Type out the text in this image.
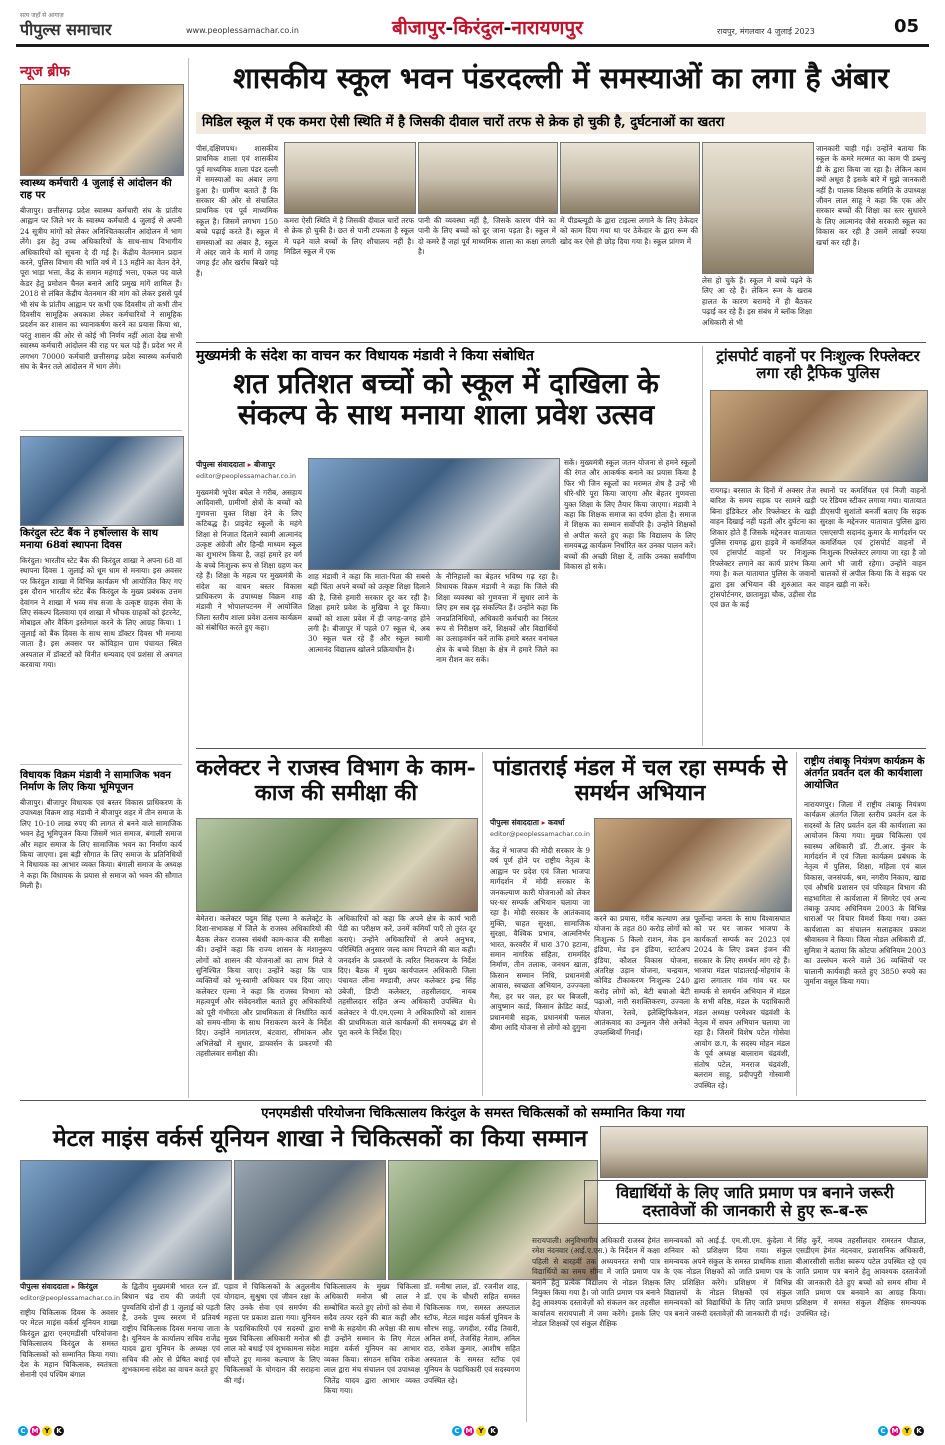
सत्य जहाँ से आगाज़
पीपुल्स समाचार	www.peoplessamachar.co.in	बीजापुर-किरंदुल-नारायणपुर	रायपुर, मंगलवार 4 जुलाई 2023	05
न्यूज ब्रीफ
स्वास्थ्य कर्मचारी 4 जुलाई से आंदोलन की राह पर
बीजापुर। छत्तीसगढ़ प्रदेश स्वास्थ्य कर्मचारी संघ के प्रांतीय आह्वान पर जिले भर के स्वास्थ्य कर्मचारी 4 जुलाई से अपनी 24 सूत्रीय मांगों को लेकर अनिश्चितकालीन आंदोलन में भाग लेंगे। इस हेतु उच्च अधिकारियों के साथ-साथ विभागीय अधिकारियों को सूचना दे दी गई है। केंद्रीय वेतनमान प्रदान करने, पुलिस विभाग की भांति वर्ष में 13 महीने का वेतन देने, पूरा भाड़ा भत्ता, केंद्र के समान महंगाई भत्ता, एकल पद वाले केडर हेतु प्रमोशन चैनल बनाने आदि प्रमुख मांगें शामिल हैं। 2018 से लंबित केंद्रीय वेतनमान की मांग को लेकर इससे पूर्व भी संघ के प्रांतीय आह्वान पर कभी एक दिवसीय तो कभी तीन दिवसीय सामूहिक अवकाश लेकर कर्मचारियों ने सामूहिक प्रदर्शन कर शासन का ध्यानाकर्षण करने का प्रयास किया था, परंतु शासन की ओर से कोई भी निर्णय नहीं आता देख सभी स्वास्थ्य कर्मचारी आंदोलन की राह पर चल पड़े हैं। प्रदेश भर में लगभग 70000 कर्मचारी छत्तीसगढ़ प्रदेश स्वास्थ्य कर्मचारी संघ के बैनर तले आंदोलन में भाग लेंगे।
किरंदुल स्टेट बैंक ने हर्षोल्लास के साथ मनाया 68वां स्थापना दिवस
किरंदुल। भारतीय स्टेट बैंक की किरंदुल शाखा ने अपना 68 वां स्थापना दिवस 1 जुलाई को धूम धाम से मनाया। इस अवसर पर किरंदुल शाखा में विभिन्न कार्यक्रम भी आयोजित किए गए इस दौरान भारतीय स्टेट बैंक किरंदुल के मुख्य प्रबंधक उत्तम देवांगन ने शाखा में भव्य मंच सजा के उत्कृष्ट ग्राहक सेवा के लिए संकल्प दिलवाया एवं शाखा में भौचक ग्राहकों को इंटरनेट, मोबाइल और वैकिंग इस्तेमाल करने के लिए आग्रह किया। 1 जुलाई को बैंक दिवस के साथ साथ डॉक्टर दिवस भी मनाया जाता है। इस अवसर पर कोविड़ान ग्राम पंचायत स्थित अस्पताल में डॉक्टरों को विनीत धन्यवाद एवं प्रशंसा से अवगत करवाया गया।
विधायक विक्रम मंडावी ने सामाजिक भवन निर्माण के लिए किया भूमिपूजन
बीजापुर। बीजापुर विधायक एवं बस्तर विकास प्राधिकरण के उपाध्यक्ष विक्रम शाह मंडावी ने बीजापुर शहर में तीन समाज के लिए 10-10 लाख रुपए की लागत से बनने वाले सामाजिक भवन हेतु भूमिपूजन किया जिसमें भात समाज, बंगाली समाज और महार समाज के लिए सामाजिक भवन का निर्माण कार्य किया जाएगा। इस बड़ी सौगात के लिए समाज के प्रतिनिधियों ने विधायक का आभार व्यक्त किया। बंगाली समाज के अध्यक्ष ने कहा कि विधायक के प्रयास से समाज को भवन की सौगात मिली है।
शासकीय स्कूल भवन पंडरदल्ली में समस्याओं का लगा है अंबार
मिडिल स्कूल में एक कमरा ऐसी स्थिति में है जिसकी दीवाल चारों तरफ से क्रेक हो चुकी है, दुर्घटनाओं का खतरा
पीसं,दक्षिणपथ। शासकीय प्राथमिक शाला एवं शासकीय पूर्व माध्यमिक शाला पंडर दल्ली में समस्याओं का अंबार लगा हुआ है। ग्रामीण बताते हैं कि सरकार की ओर से संचालित प्राथमिक एवं पूर्व माध्यमिक स्कूल है। जिसमें लगभग 150 बच्चे पढ़ाई करते हैं। स्कूल में समस्याओं का अंबार है, स्कूल में अंदर जाने के मार्ग में जगह जगह ईंट और खर्राच बिखरे पड़े हैं।
कमरा ऐसी स्थिति में है जिसकी दीवाल चारों तरफ से क्रेक हो चुकी है। छत से पानी टपकता है स्कूल में पढ़ने वाले बच्चों के लिए शौचालय नहीं है। मिडिल स्कूल में एक
पानी की व्यवस्था नहीं है, जिसके कारण पीने का पानी के लिए बच्चों को दूर जाना पड़ता है। स्कूल में दो कमरे हैं जहां पूर्व माध्यमिक शाला का कक्षा लगती है।
में पीडब्ल्यूडी के द्वारा टाइल्स लगाने के लिए ठेकेदार को काम दिया गया था पर ठेकेदार के द्वारा रूम की खोद कर ऐसे ही छोड़ दिया गया है। स्कूल प्रांगण में
लेस हो चुके हैं। स्कूल में बच्चे पढ़ने के लिए आ रहे हैं। लेकिन रूम के खराब हालत के कारण बरामदे में ही बैठकर पढ़ाई कर रहे हैं। इस संबंध में ब्लॉक शिक्षा अधिकारी से भी
जानकारी चाही गई। उन्होंने बताया कि स्कूल के कमरे मरम्मत का काम पी डब्ल्यू डी के द्वारा किया जा रहा है। लेकिन काम क्यों अधूरा है इसके बारे में मुझे जानकारी नहीं है। पालक शिक्षक समिति के उपाध्यक्ष जीवन लाल साहू ने कहा कि एक ओर सरकार बच्चों की शिक्षा का स्तर सुधारने के लिए आत्मानंद जैसे सरकारी स्कूल का विकास कर रही है उसमें लाखों रुपया खर्चा कर रही है।
मुख्यमंत्री के संदेश का वाचन कर विधायक मंडावी ने किया संबोधित
शत प्रतिशत बच्चों को स्कूल में दाखिला के संकल्प के साथ मनाया शाला प्रवेश उत्सव
पीपुल्स संवाददाता ▸ बीजापुर
editor@peoplessamachar.co.in
मुख्यमंत्री भूपेश बघेल ने गरीब, असहाय आदिवासी, ग्रामीणों क्षेत्रों के बच्चों को गुणवत्ता युक्त शिक्षा देने के लिए कटिबद्ध है। प्राइवेट स्कूलों के महंगे शिक्षा से निजात दिलाने स्वामी आत्मानंद उत्कृष्ट अंग्रेजी और हिन्दी माध्यम स्कूल का शुभारंभ किया है, जहां हमारे हर वर्ग के बच्चे निःशुल्क रूप से शिक्षा ग्रहण कर रहे हैं। शिक्षा के महत्व पर मुख्यमंत्री के संदेश का वाचन बस्तर विकास प्राधिकरण के उपाध्यक्ष विक्रम शाह मंडावी ने भोपालपटनम में आयोजित जिला स्तरीय शाला प्रवेश उत्सव कार्यक्रम को संबोधित करते हुए कहा।
शाह मंडावी ने कहा कि माता-पिता की सबसे बड़ी चिंता अपने बच्चों को उत्कृष्ट शिक्षा दिलाने की है, जिसे हमारी सरकार दूर कर रही है। शिक्षा हमारे प्रवेश के मुखिया ने दूर किया। बच्चों को शाला प्रवेश में ही जगह-जगह होने लगी है। बीजापुर में पहले 07 स्कूल थे, अब 30 स्कूल चल रहे हैं और स्कूल स्वामी आत्मानंद विद्यालय खोलने प्रक्रियाधीन है।
के नौनिहालों का बेहतर भविष्य गढ़ रहा है। विधायक विक्रम मंडावी ने कहा कि जिले की शिक्षा व्यवस्था को गुणवत्ता में सुधार लाने के लिए हम सब दृढ़ संकल्पित हैं। उन्होंने कहा कि जनप्रतिनिधियों, अधिकारी कर्मचारी का निरंतर रूप से निरीक्षण करें, शिक्षकों और विद्यार्थियों का उत्साहवर्धन करें ताकि हमारे बस्तर वनांचल क्षेत्र के बच्चे शिक्षा के क्षेत्र में हमारे जिले का नाम रौशन कर सकें।
सकें। मुख्यमंत्री स्कूल जतन योजना से हमने स्कूलों की रंगत और आकर्षक बनाने का प्रयास किया है फिर भी जिन स्कूलों का मरम्मत शेष है उन्हें भी धीरे-धीरे पूरा किया जाएगा और बेहतर गुणवत्ता युक्त शिक्षा के लिए तैयार किया जाएगा। मंडावी ने कहा कि शिक्षक समाज का दर्पण होता है। समाज में शिक्षक का सम्मान सर्वोपरि है। उन्होंने शिक्षकों से अपील करते हुए कहा कि विद्यालय के लिए समयबद्ध कार्यक्रम निर्धारित कर उनका पालन करें। बच्चों की अच्छी शिक्षा दें, ताकि उनका सर्वांगीण विकास हो सके।
ट्रांसपोर्ट वाहनों पर निःशुल्क रिफ्लेक्टर लगा रही ट्रैफिक पुलिस
रायगढ़। बरसात के दिनों में अक्सर तेज बारिश के समय सड़क पर सामने खड़ी बिना इंडिकेटर और रिफ्लेक्टर के खड़ी वाहन दिखाई नहीं पड़ती और दुर्घटना का शिकार होते हैं जिसके मद्देनजर यातायात पुलिस रायगढ़ द्वारा हाइवे में कमर्शियल एवं ट्रांसपोर्ट वाहनों पर निःशुल्क रिफ्लेक्टर लगाने का कार्य प्रारंभ किया गया है। कल यातायात पुलिस के जवानों द्वारा इस अभियान की शुरुआत कर ट्रांसपोर्टनगर, छातामुड़ा चौक, उड़ीसा रोड एवं छत के कई
स्थानों पर कमर्शियल एवं निजी वाहनों पर रेडियम स्टीकर लगाया गया। यातायात डीएसपी सुशांतो बनर्जी बताए कि सड़क सुरक्षा के मद्देनजर यातायात पुलिस द्वारा एसएसपी सदानंद कुमार के मार्गदर्शन पर कमर्शियल एवं ट्रांसपोर्ट वाहनों में निःशुल्क रिफ्लेक्टर लगाया जा रहा है जो आगे भी जारी रहेगा। उन्होंने वाहन चालकों से अपील किया कि वे सड़क पर वाहन खड़ी ना करें।
कलेक्टर ने राजस्व विभाग के काम-काज की समीक्षा की
बेमेतरा। कलेक्टर पदुम सिंह एल्मा ने कलेक्ट्रेट के दिशा-सभाकक्ष में जिले के राजस्व अधिकारियों की बैठक लेकर राजस्व संबंधी काम-काज की समीक्षा की। उन्होंने कहा कि राज्य शासन के मंशानुरूप लोगों को शासन की योजनाओं का लाभ मिले ये सुनिश्चित किया जाए। उन्होंने कहा कि पात्र व्यक्तियों को भू-स्वामी अधिकार पत्र दिया जाए। कलेक्टर एल्मा ने कहा कि राजस्व विभाग को महत्वपूर्ण और संवेदनशील बताते हुए अधिकारियों को पूरी गंभीरता और प्राथमिकता से निर्धारित कार्य को समय-सीमा के साथ निराकरण करने के निर्देश दिए। उन्होंने नामांतरण, बंटवारा, सीमांकन और अभिलेखों में सुधार, डायवर्सन के प्रकरणों की तहसीलवार समीक्षा की।
अधिकारियों को कहा कि अपने क्षेत्र के कार्य भारी पेंडी का परीक्षण करें, उनमें कमियाँ पाएँ तो तुरंत दूर कराएं। उन्होंने अधिकारियों से अपने अनुभव, परिस्थिति अनुसार जल्द काम निपटाने की बात कही। जनदर्शन के प्रकरणों के त्वरित निराकरण के निर्देश दिए। बैठक में मुख्य कार्यपालन अधिकारी जिला पंचायत लीना मण्डावी, अपर कलेक्टर इन्द्र सिंह उबेजी, डिप्टी कलेक्टर, तहसीलदार, नायब तहसीलदार सहित अन्य अधिकारी उपस्थित थे। कलेक्टर ने पी.एम.एल्मा ने अधिकारियों को शासन की प्राथमिकता वाले कार्यक्रमों की समयबद्ध ढंग से पूरा करने के निर्देश दिए।
पांडातराई मंडल में चल रहा सम्पर्क से समर्थन अभियान
पीपुल्स संवाददाता ▸ कवर्धा
editor@peoplessamachar.co.in
केंद्र में भाजपा की मोदी सरकार के 9 वर्ष पूर्ण होने पर राष्ट्रीय नेतृत्व के आह्वान पर प्रदेश एवं जिला भाजपा मार्गदर्शन में मोदी सरकार के जनकल्याण कारी योजनाओं को लेकर घर-घर सम्पर्क अभियान चलाया जा रहा है। मोदी सरकार के आतंकवाद मुक्ति, चाहत सुरक्षा, सामाजिक सुरक्षा, वैश्विक प्रभाव, आत्मनिर्भर भारत, करवरीर में धारा 370 हटाना, समान नागरिक संहिता, राममंदिर निर्माण, तीन तलाक, जनधन खाता, किसान सम्मान निधि, प्रधानमंत्री आवास, स्वच्छता अभियान, उज्ज्वला गैस, हर घर जल, हर घर बिजली, आयुष्मान कार्ड, किसान क्रेडिट कार्ड, प्रधानमंत्री सड़क, प्रधानमंत्री फसल बीमा आदि योजना से लोगों को दुगुना
करने का प्रयास, गरीब कल्याण अन्न योजना के तहत 80 करोड़ लोगों को निःशुल्क 5 किलो राशन, मेक इन इंडिया, मेड इन इंडिया, स्टार्टअप इंडिया, कौशल विकास योजना, अंतरिक्ष उड़ान योजना, चन्द्रयान, कोविड टीकाकरण निःशुल्क 240 करोड़ लोगों को, बेटी बचाओ बेटी पढ़ाओ, नारी सशक्तिकरण, उज्वला योजना, रेलवे, इलेक्ट्रिफिकेशन, आतंकवाद का उन्मूलन जैसे अनेकों उपलब्धियाँ गिनाईं।
पूर्लोन्दा जनता के साथ विश्वासघात को पर घर जाकर भाजपा के कार्यकर्ता सम्पर्क कर 2023 एवं 2024 के लिए डबल इंजन की सरकार के लिए समर्थन मांग रहे हैं। भाजपा मंडल पांडातराई-मोहगांव के द्वारा लगातार गांव गांव घर घर सम्पर्क से समर्थन अभियान में मंडल के सभी वरिष्ठ, मंडल के पदाधिकारी मंडल अध्यक्ष परमेश्वर चंद्रवंशी के नेतृत्व में सघन अभियान चलाया जा रहा है। जिसमें विशेष पटेल गोसेवा आयोग छ.ग, के सदस्य मोहन मंडल के पूर्व अध्यक्ष बालाराम चंद्रवंशी, संतोष पटेल, मनराज चंद्रवंशी, बलराम साहू, प्रदीपपुरी गोस्वामी उपस्थित रहे।
राष्ट्रीय तंबाकू नियंत्रण कार्यक्रम के अंतर्गत प्रवर्तन दल की कार्यशाला आयोजित
नारायणपुर। जिला में राष्ट्रीय तंबाकू नियंत्रण कार्यक्रम अंतर्गत जिला स्तरीय प्रवर्तन दल के सदस्यों के लिए प्रवर्तन दल की कार्यशाला का आयोजन किया गया। मुख्य चिकित्सा एवं स्वास्थ्य अधिकारी डॉ. टी.आर. कुंवर के मार्गदर्शन में एवं जिला कार्यक्रम प्रबंधक के नेतृत्व में पुलिस, शिक्षा, महिला एवं बाल विकास, जनसंपर्क, श्रम, नगरीय निकाय, खाद्य एवं औषधि प्रशासन एवं परिवहन विभाग की सहभागिता से कार्यशाला में सिगरेट एवं अन्य तंबाकू उत्पाद अधिनियम 2003 के विभिन्न धाराओं पर विचार विमर्श किया गया। उक्त कार्यशाला का संचालन सलाहकार प्रकाश श्रीवास्तव ने किया। जिला नोडल अधिकारी डॉ. सुमित्रा ने बताया कि कोटपा अधिनियम 2003 का उल्लंघन करने वाले 36 व्यक्तियों पर चालानी कार्यवाही करते हुए 3850 रुपये का जुर्माना वसूल किया गया।
एनएमडीसी परियोजना चिकित्सालय किरंदुल के समस्त चिकित्सकों को सम्मानित किया गया
मेटल माइंस वर्कर्स यूनियन शाखा ने चिकित्सकों का किया सम्मान
पीपुल्स संवाददाता ▸ किरंदुल
editor@peoplessamachar.co.in
राष्ट्रीय चिकित्सक दिवस के अवसर पर मेटल माइंस वर्कर्स यूनियन शाखा किरंदुल द्वारा एनएमडीसी परियोजना चिकित्सालय किरंदुल के समस्त चिकित्सकों को सम्मानित किया गया। देश के महान चिकित्सक, स्वतंत्रता सेनानी एवं पश्चिम बंगाल
के द्वितीय मुख्यमंत्री भारत रत्न डॉ. बिधान चंद्र राय की जयंती एवं पुण्यतिथि दोनों ही 1 जुलाई को पड़ती है, उनके पुण्य स्मरण में प्रतिवर्ष राष्ट्रीय चिकित्सक दिवस मनाया जाता है। यूनियन के कार्यालय सचिव राजेंद्र यादव द्वारा यूनियन के अध्यक्ष एवं सचिव की ओर से प्रेषित बधाई एवं शुभकामना संदेश का वाचन करते हुए
पड़ाव में चिकित्सकों के अतुलनीय योगदान, सुश्रुषा एवं जीवन रक्षा के लिए उनके सेवा एवं समर्पण की महत्ता पर प्रकाश डाला गया। यूनियन के पदाधिकारियों एवं सदस्यों द्वारा मुख्य चिकित्सा अधिकारी मनोज श्री लाल को बधाई एवं शुभकामना संदेश सौंपते हुए मानव कल्याण के लिए चिकित्सकों के योगदान की सराहना की गई।
चिकित्सालय के मुख्य चिकित्सा अधिकारी मनोज श्री लाल ने सम्बोधित करते हुए लोगों को सेवा में सदैव तत्पर रहने की बात कही और सभी के सहयोग की अपेक्षा की साथ ही उन्होंने सम्मान के लिए मेटल माइंस वर्कर्स यूनियन का आभार व्यक्त किया। संगठन सचिव राकेश लाल द्वारा मंच संचालन एवं उपाध्यक्ष जितेंद्र यादव द्वारा आभार व्यक्त किया गया।
डॉ. मनीषा लाल, डॉ. रजनीश शाह, डॉ. एच के चौधरी सहित समस्त चिकित्सक गण, समस्त अस्पताल स्टॉफ, मेटल माइंस वर्कर्स यूनियन के सौरभ साहू, जगदीश, रवींद्र तिवारी, अनिल शर्मा, तेजसिंह नेताम, अनिल राठ, राकेश कुमार, आशीष सहित अस्पताल के समस्त स्टॉफ एवं यूनियन के पदाधिकारी एवं सदस्यगण उपस्थित रहे।
विद्यार्थियों के लिए जाति प्रमाण पत्र बनाने जरूरी दस्तावेजों की जानकारी से हुए रू-ब-रू
सरायपाली। अनुविभागीय अधिकारी राजस्व हेमंत रमेश नंदनवार (आई.ए.एस.) के निर्देशन में कक्षा पहिली से बारहवीं तक अध्ययनरत सभी पात्र विद्यार्थियों का समय सीमा में जाति प्रमाण पत्र बनाने हेतु प्रत्येक विद्यालय से नोडल शिक्षक नियुक्त किया गया है। जो जाति प्रमाण पत्र बनाने हेतु आवश्यक दस्तावेज़ों को संकलन कर तहसील कार्यालय सरायपाली में जमा करेंगे। इसके लिए नोडल शिक्षकों एवं संकुल शैक्षिक
समन्वयकों को आई.ई. एम.सी.एम. कुंदेला में शनिवार को प्रशिक्षण दिया गया। संकुल समन्वयक अपने संकुल के समस्त प्राथमिक शाला के एक नोडल शिक्षकों को जाति प्रमाण पत्र के लिए प्रशिक्षित करेंगे। प्रशिक्षण में विभिन्न विद्यालयों के नोडल शिक्षकों एवं संकुल समन्वयकों को विद्यार्थियों के लिए जाति प्रमाण पत्र बनाने जरूरी दस्तावेज़ों की जानकारी दी गई।
सिंह कुर्रे, नायब तहसीलदार रामरतन पौडाल, एसडीएम हेमंत नंदनवार, प्रशासनिक अधिकारी, बीआरसीसी सतीश स्वरूप पटेल उपस्थित रहे एवं जाति प्रमाण पत्र बनाने हेतु आवश्यक दस्तावेजों की जानकारी देते हुए बच्चों को समय सीमा में जाति प्रमाण पत्र बनवाने का आग्रह किया। प्रशिक्षण में समस्त संकुल शैक्षिक समन्वयक उपस्थित रहे।
C M Y K	C M Y K	C M Y K
